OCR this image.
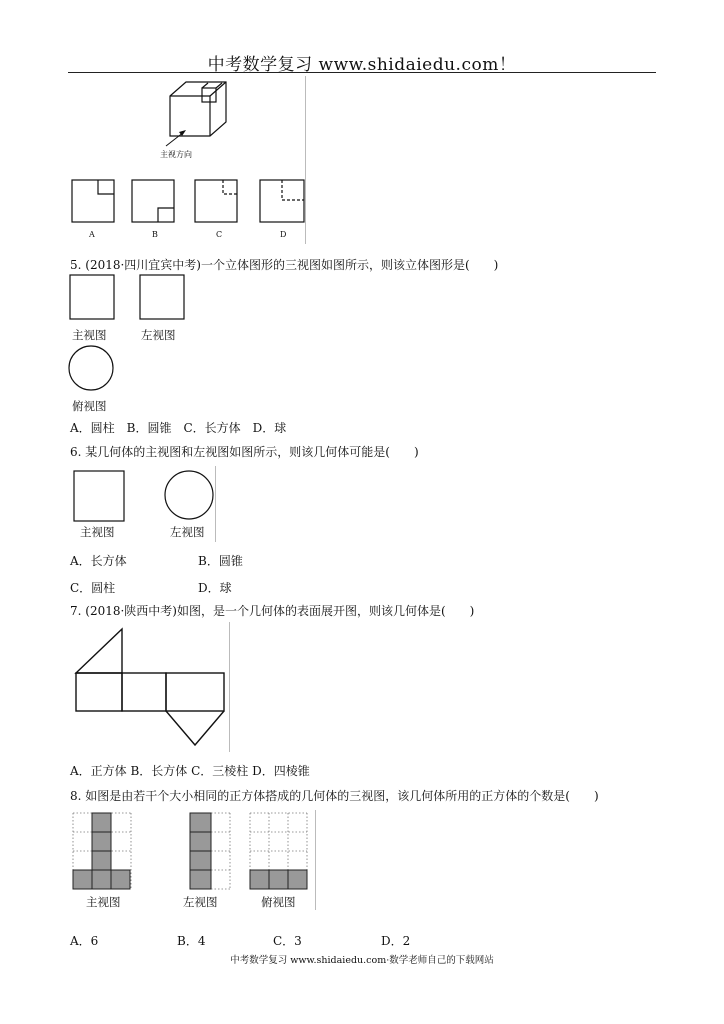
中考数学复习 www.shidaiedu.com！
主视方向
A	B	C	D
5. (2018·四川宜宾中考)一个立体图形的三视图如图所示，则该立体图形是(　　)
主视图	左视图
俯视图
A．圆柱　B．圆锥　C．长方体　D．球
6. 某几何体的主视图和左视图如图所示，则该几何体可能是(　　)
主视图	左视图
A．长方体	B．圆锥
C．圆柱	D．球
7. (2018·陕西中考)如图，是一个几何体的表面展开图，则该几何体是(　　)
A．正方体 B．长方体 C．三棱柱 D．四棱锥
8. 如图是由若干个大小相同的正方体搭成的几何体的三视图，该几何体所用的正方体的个数是(　　)
主视图	左视图	俯视图
A．6	B．4	C．3	D．2
中考数学复习 www.shidaiedu.com·数学老师自己的下载网站
